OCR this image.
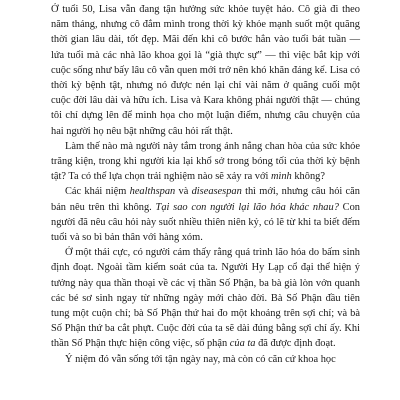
Ở tuổi 50, Lisa vẫn đang tận hưởng sức khỏe tuyệt hảo. Cô già đi theo năm tháng, nhưng cô đắm mình trong thời kỳ khỏe mạnh suốt một quãng thời gian lâu dài, tốt đẹp. Mãi đến khi cô bước hẳn vào tuổi bát tuần — lứa tuổi mà các nhà lão khoa gọi là “già thực sự” — thì việc bắt kịp với cuộc sống như bấy lâu cô vẫn quen mới trở nên khó khăn đáng kể. Lisa có thời kỳ bệnh tật, nhưng nó được nén lại chỉ vài năm ở quãng cuối một cuộc đời lâu dài và hữu ích. Lisa và Kara không phải người thật — chúng tôi chỉ dựng lên để minh họa cho một luận điểm, nhưng câu chuyện của hai người họ nêu bật những câu hỏi rất thật.

Làm thế nào mà người này tắm trong ánh nắng chan hòa của sức khỏe trăng kiện, trong khi người kia lại khổ sở trong bóng tối của thời kỳ bệnh tật? Ta có thể lựa chọn trải nghiệm nào sẽ xảy ra với mình không?

Các khái niệm healthspan và diseasespan thì mới, nhưng câu hỏi căn bản nêu trên thì không. Tại sao con người lại lão hóa khác nhau? Con người đã nêu câu hỏi này suốt nhiều thiên niên kỷ, có lẽ từ khi ta biết đếm tuổi và so bì bản thân với hàng xóm.

Ở một thái cực, có người cảm thấy rằng quá trình lão hóa do bấm sinh định đoạt. Ngoài tầm kiểm soát của ta. Người Hy Lạp cổ đại thể hiện ý tưởng này qua thần thoại về các vị thần Số Phận, ba bà già lòn vởn quanh các bé sơ sinh ngay từ những ngày mới chào đời. Bà Số Phận đầu tiên tung một cuộn chỉ; bà Số Phận thứ hai đo một khoảng trên sợi chỉ; và bà Số Phận thứ ba cắt phựt. Cuộc đời của ta sẽ dài đúng bằng sợi chỉ ấy. Khi thần Số Phận thực hiện công việc, số phận của ta đã được định đoạt.

Ý niệm đó vẫn sống tới tận ngày nay, mà còn có căn cứ khoa học
